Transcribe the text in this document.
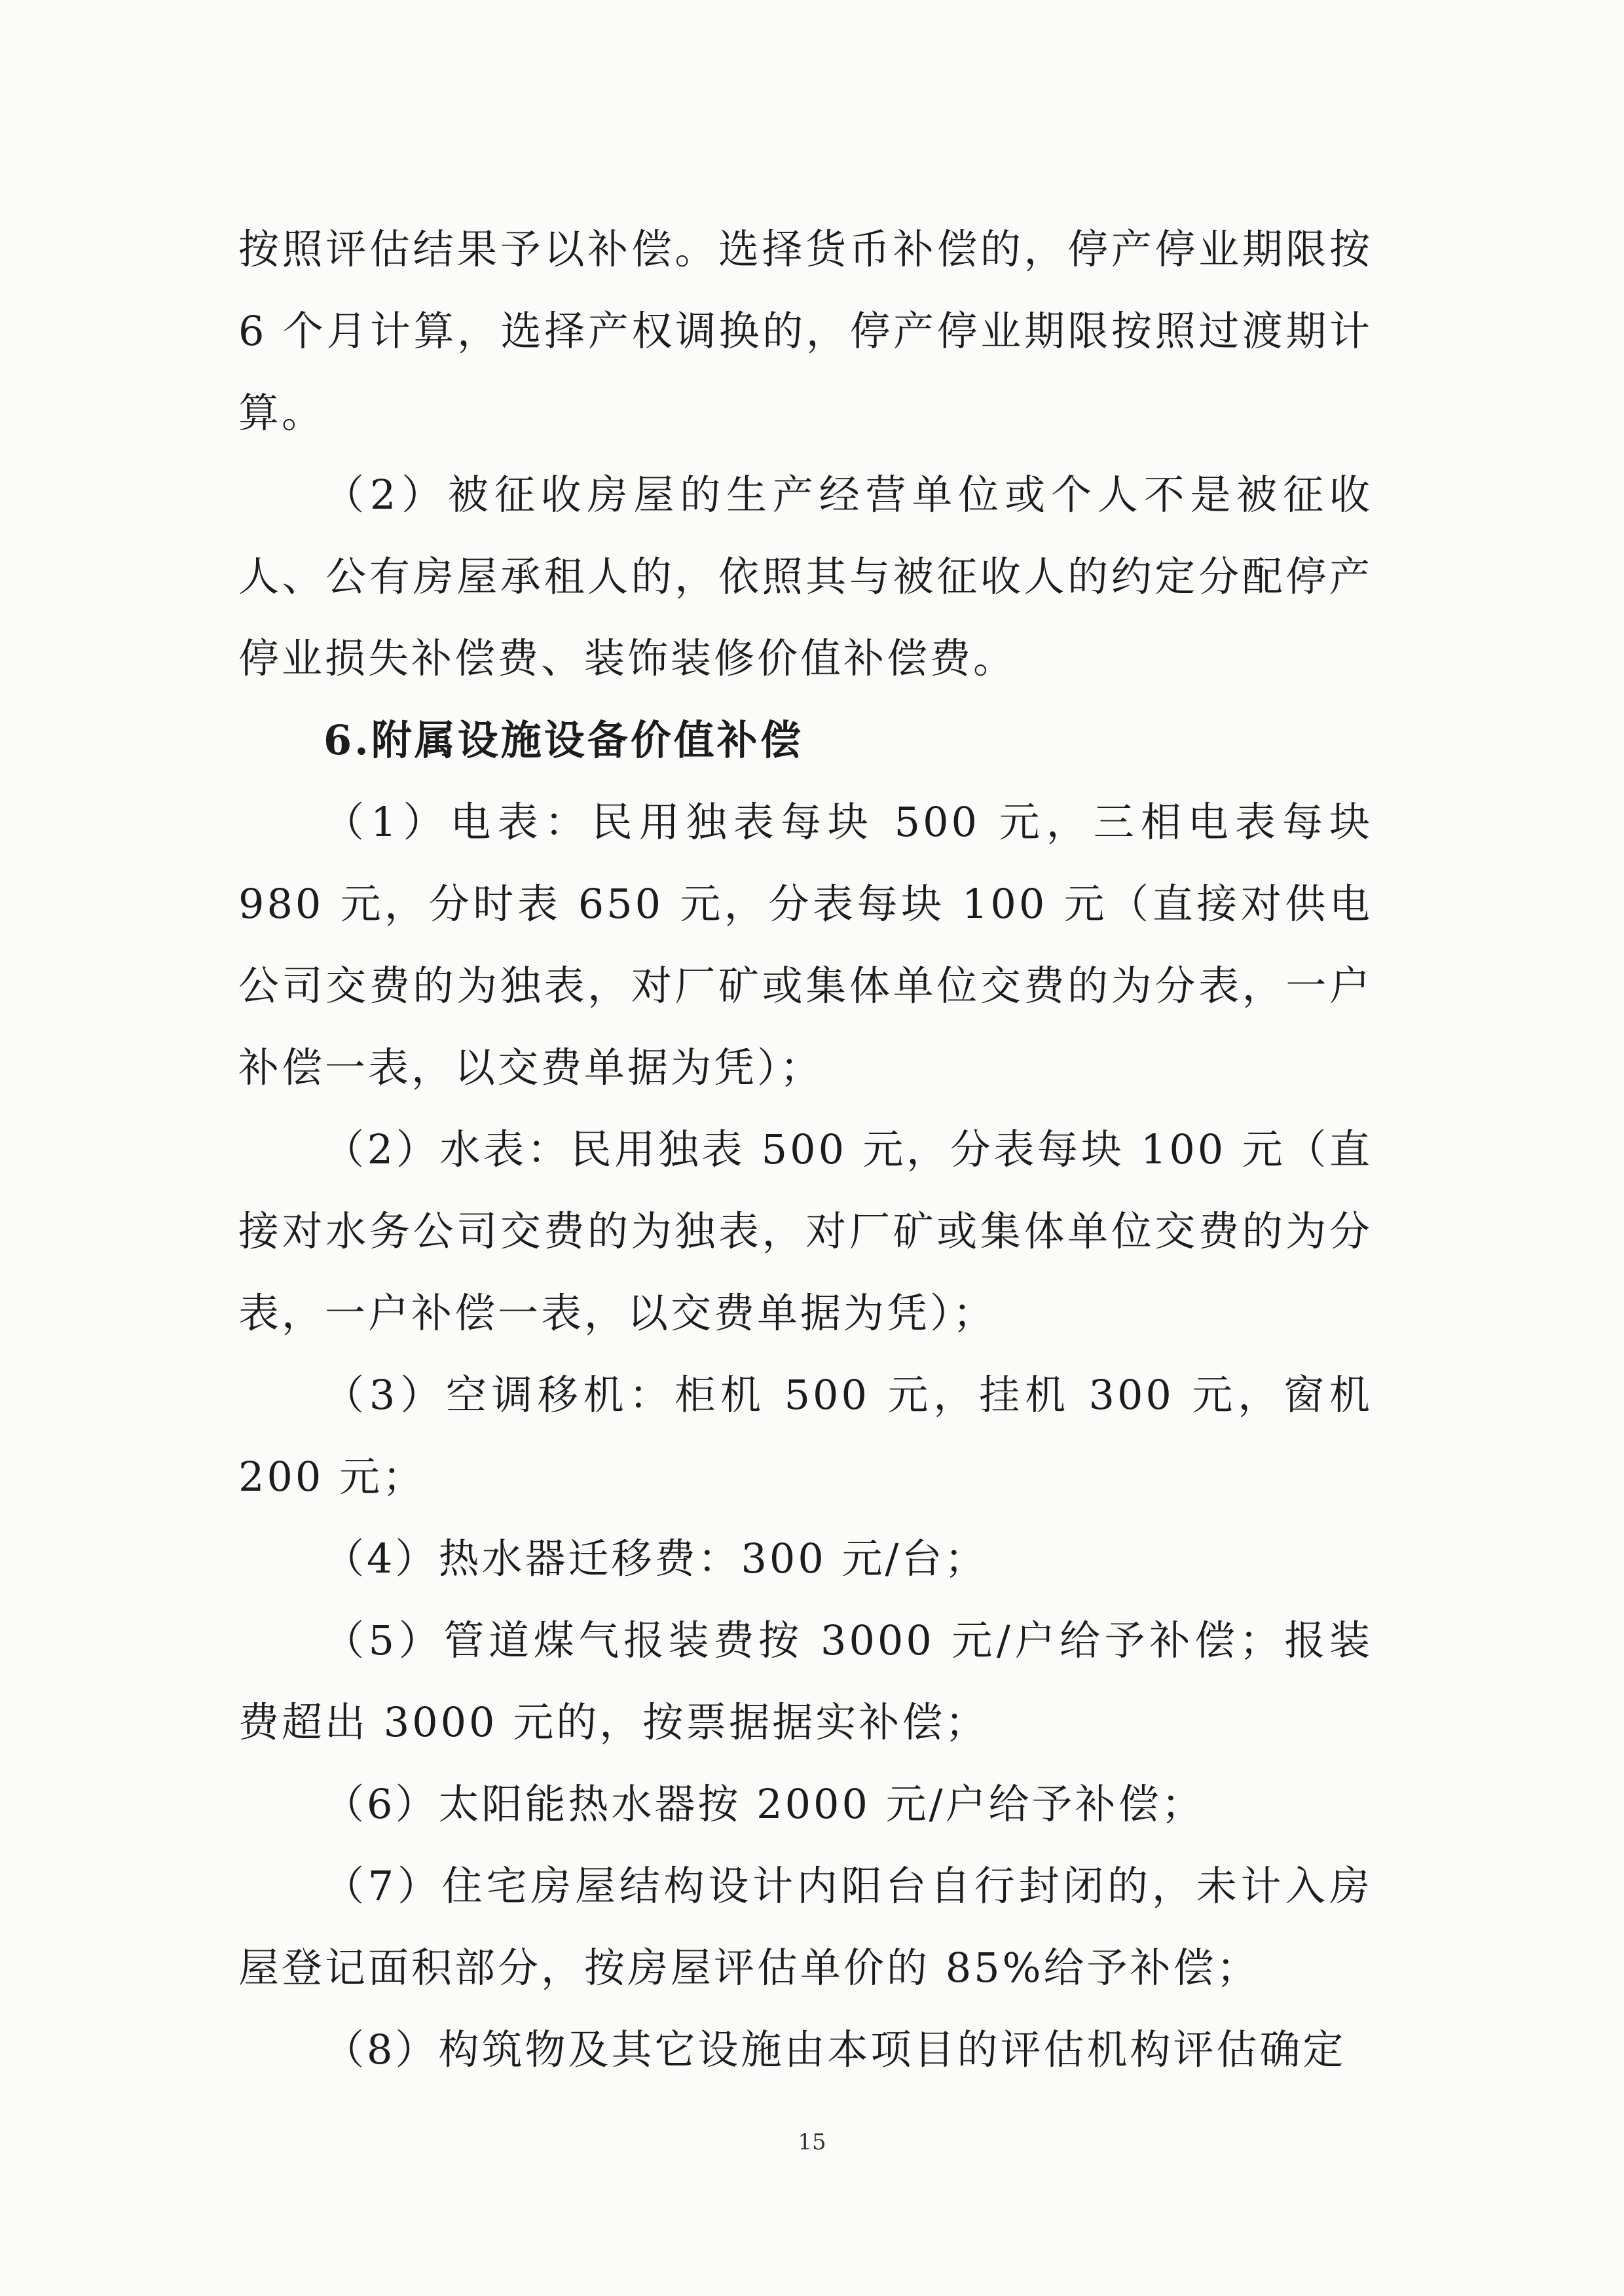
按照评估结果予以补偿。选择货币补偿的，停产停业期限按6 个月计算，选择产权调换的，停产停业期限按照过渡期计算。

（2）被征收房屋的生产经营单位或个人不是被征收人、公有房屋承租人的，依照其与被征收人的约定分配停产停业损失补偿费、装饰装修价值补偿费。

6.附属设施设备价值补偿

（1）电表：民用独表每块 500 元，三相电表每块 980 元，分时表 650 元，分表每块 100 元（直接对供电公司交费的为独表，对厂矿或集体单位交费的为分表，一户补偿一表，以交费单据为凭）；

（2）水表：民用独表 500 元，分表每块 100 元（直接对水务公司交费的为独表，对厂矿或集体单位交费的为分表，一户补偿一表，以交费单据为凭）；

（3）空调移机：柜机 500 元，挂机 300 元，窗机 200 元；

（4）热水器迁移费：300 元/台；

（5）管道煤气报装费按 3000 元/户给予补偿；报装费超出 3000 元的，按票据据实补偿；

（6）太阳能热水器按 2000 元/户给予补偿；

（7）住宅房屋结构设计内阳台自行封闭的，未计入房屋登记面积部分，按房屋评估单价的 85%给予补偿；

（8）构筑物及其它设施由本项目的评估机构评估确定

15
